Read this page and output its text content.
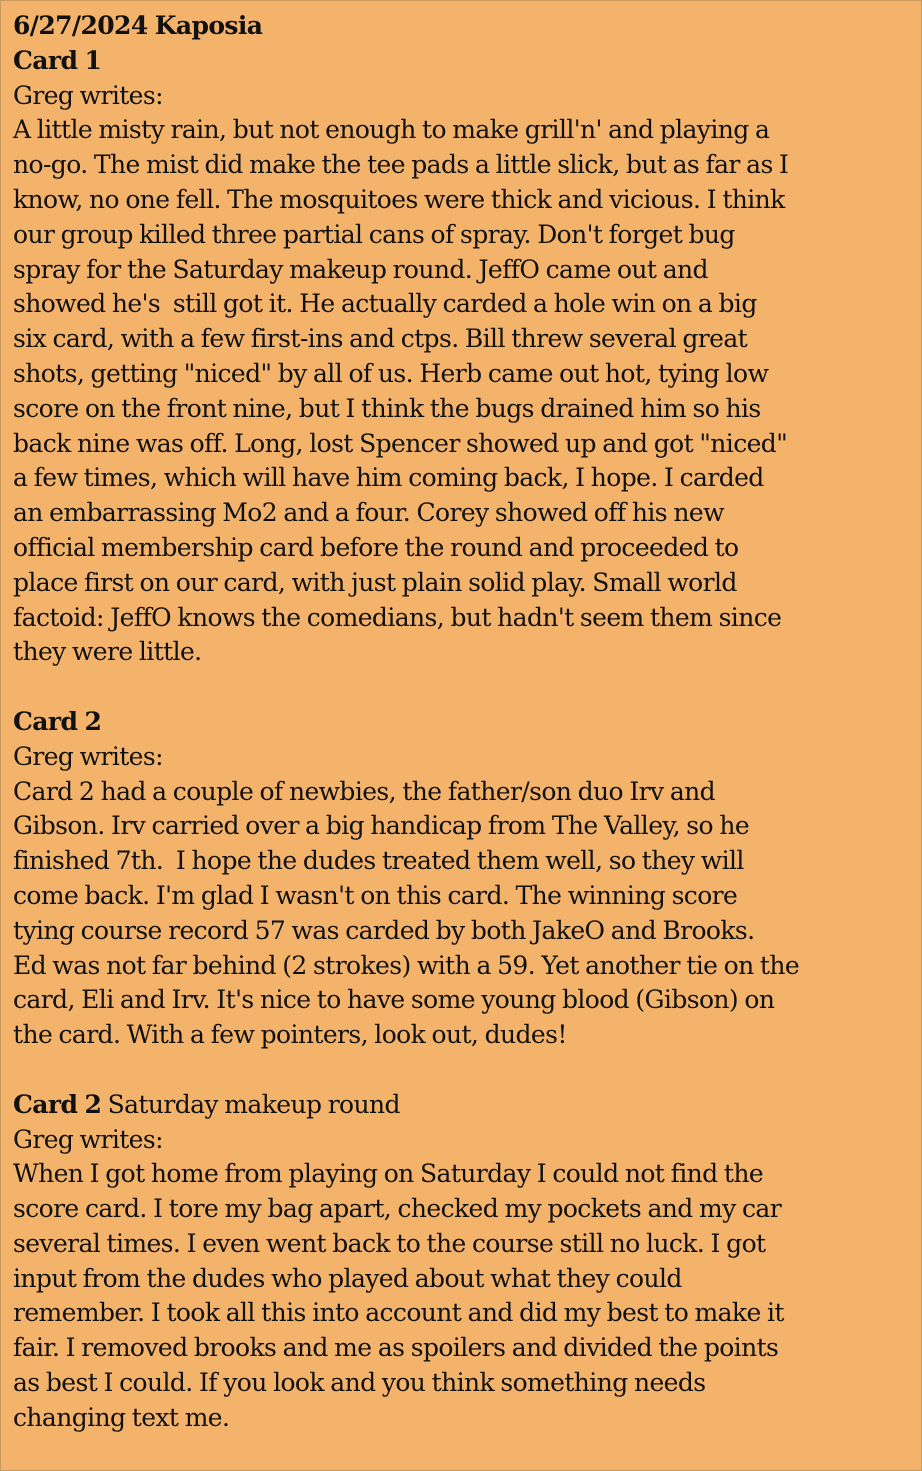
6/27/2024 Kaposia
Card 1
Greg writes:
A little misty rain, but not enough to make grill'n' and playing a
no-go. The mist did make the tee pads a little slick, but as far as I
know, no one fell. The mosquitoes were thick and vicious. I think
our group killed three partial cans of spray. Don't forget bug
spray for the Saturday makeup round. JeffO came out and
showed he's  still got it. He actually carded a hole win on a big
six card, with a few first-ins and ctps. Bill threw several great
shots, getting "niced" by all of us. Herb came out hot, tying low
score on the front nine, but I think the bugs drained him so his
back nine was off. Long, lost Spencer showed up and got "niced"
a few times, which will have him coming back, I hope. I carded
an embarrassing Mo2 and a four. Corey showed off his new
official membership card before the round and proceeded to
place first on our card, with just plain solid play. Small world
factoid: JeffO knows the comedians, but hadn't seem them since
they were little.
Card 2
Greg writes:
Card 2 had a couple of newbies, the father/son duo Irv and
Gibson. Irv carried over a big handicap from The Valley, so he
finished 7th.  I hope the dudes treated them well, so they will
come back. I'm glad I wasn't on this card. The winning score
tying course record 57 was carded by both JakeO and Brooks.
Ed was not far behind (2 strokes) with a 59. Yet another tie on the
card, Eli and Irv. It's nice to have some young blood (Gibson) on
the card. With a few pointers, look out, dudes!
Card 2 Saturday makeup round
Greg writes:
When I got home from playing on Saturday I could not find the
score card. I tore my bag apart, checked my pockets and my car
several times. I even went back to the course still no luck. I got
input from the dudes who played about what they could
remember. I took all this into account and did my best to make it
fair. I removed brooks and me as spoilers and divided the points
as best I could. If you look and you think something needs
changing text me.
